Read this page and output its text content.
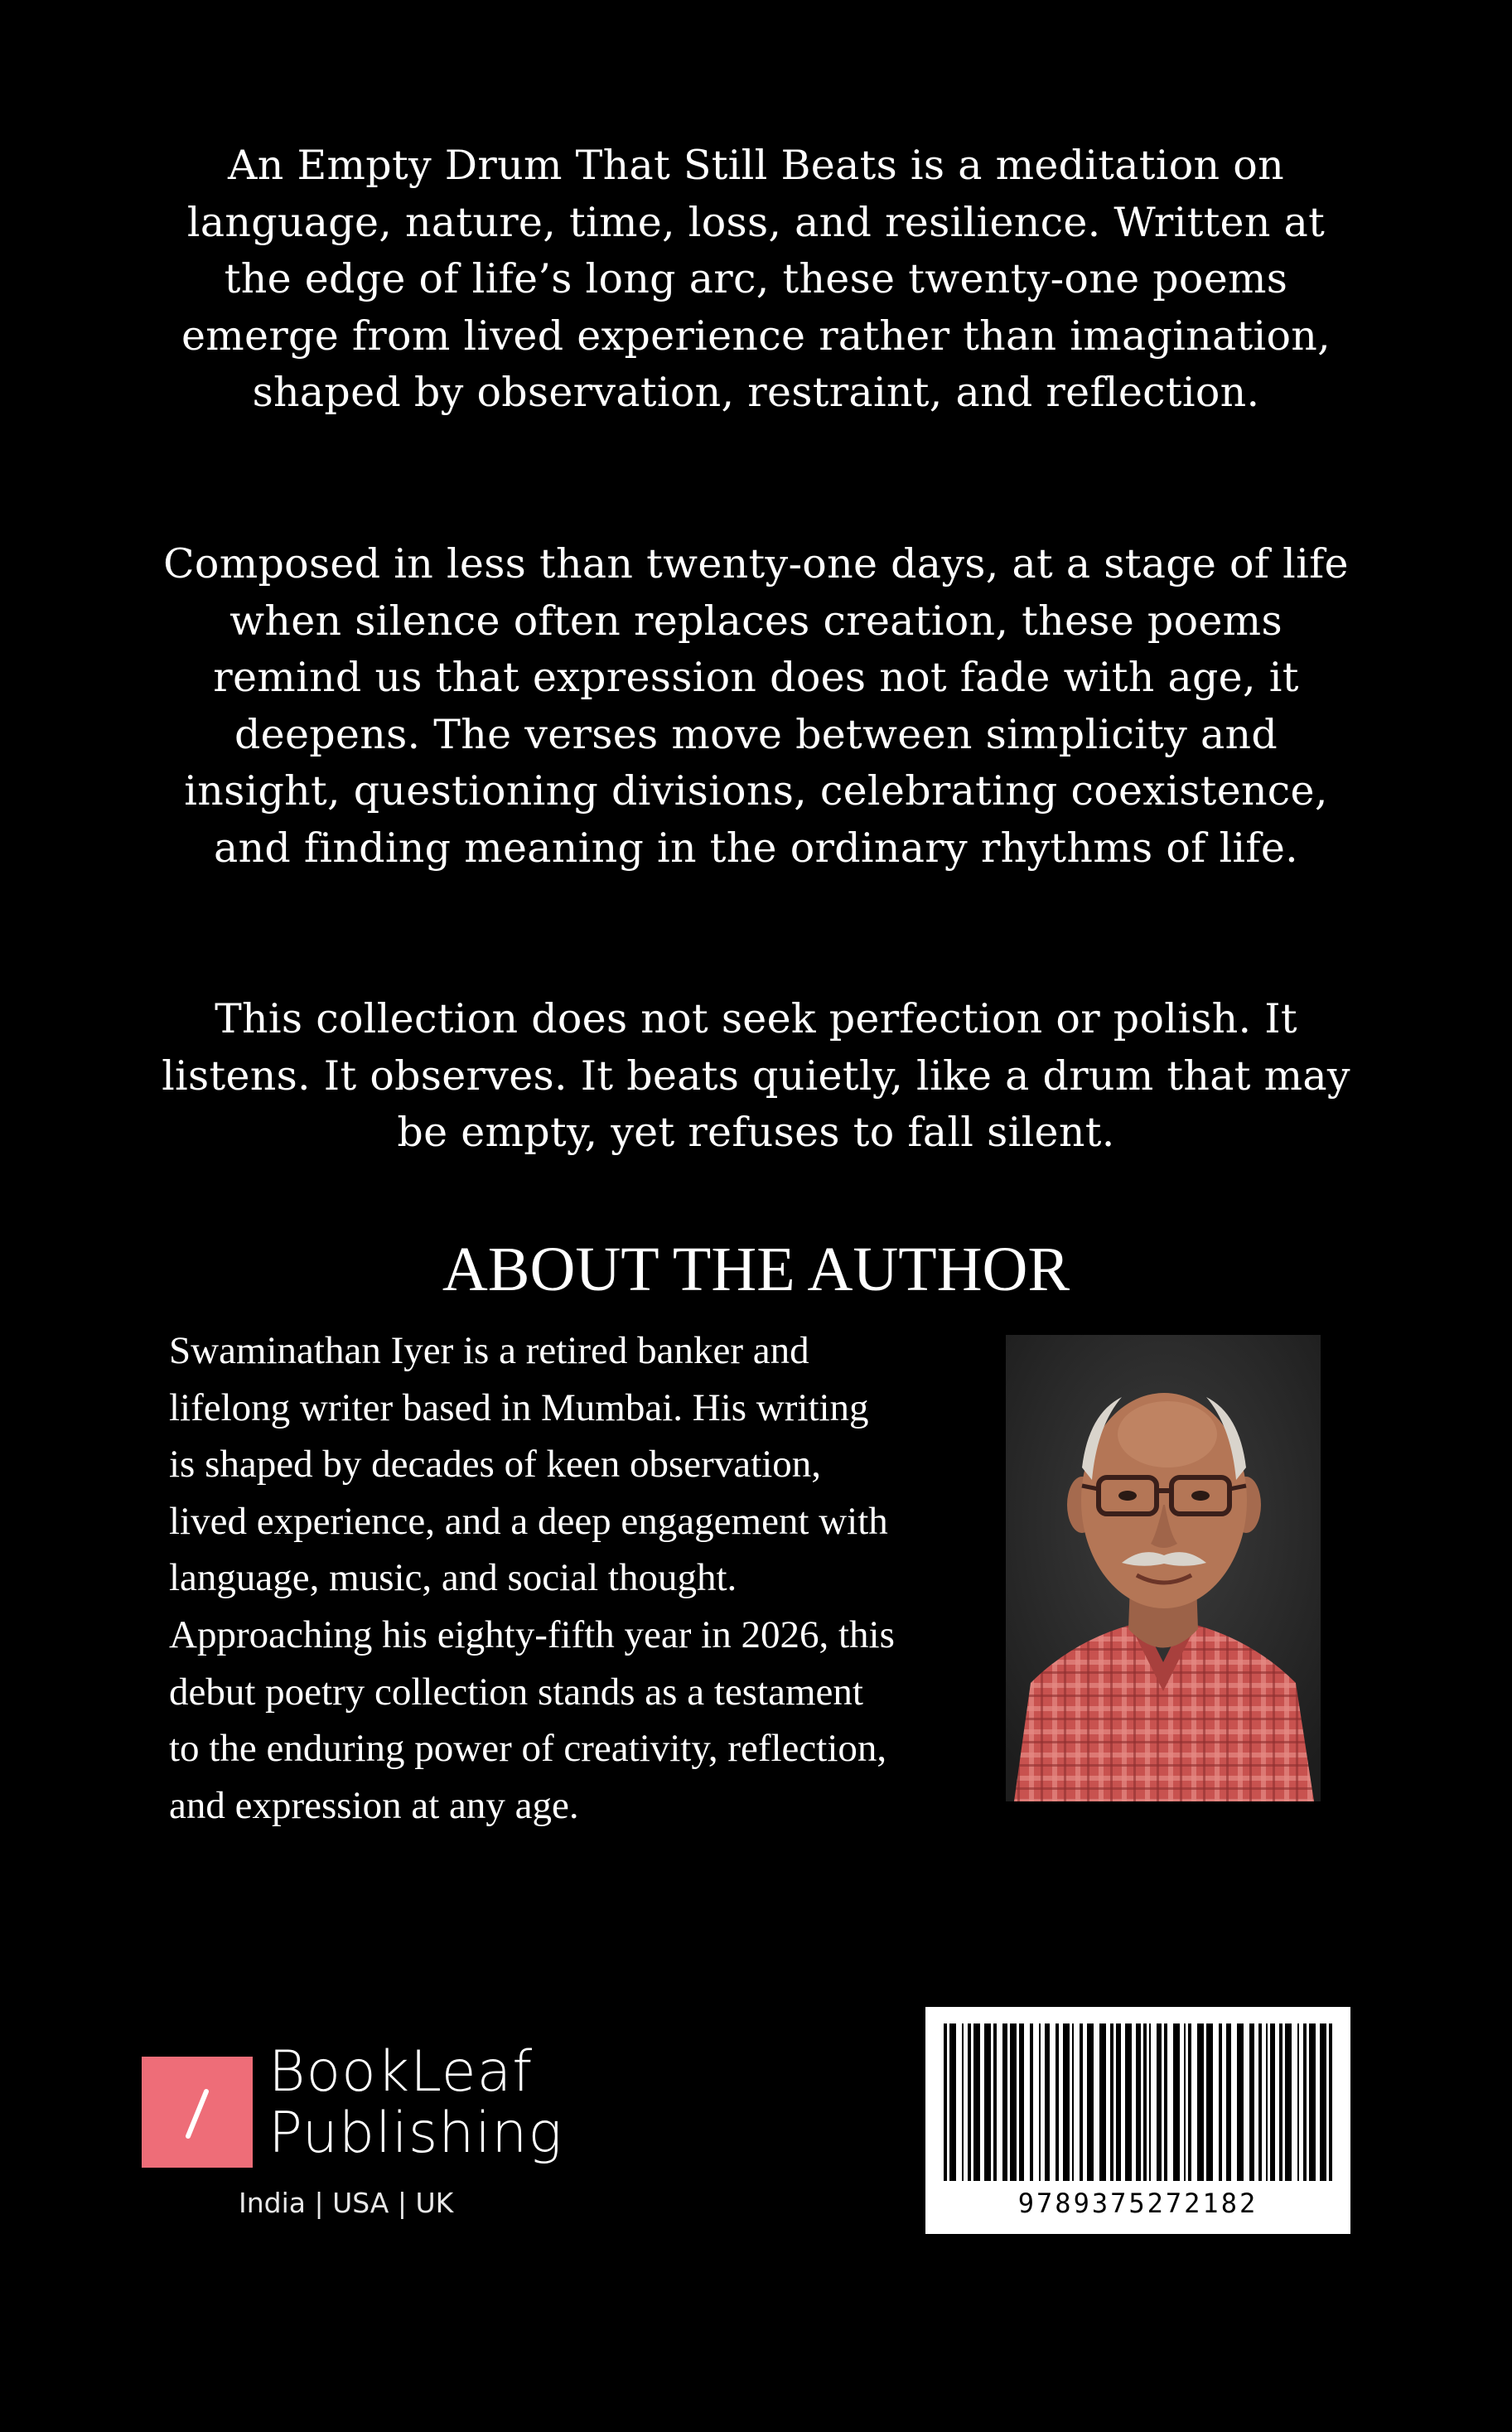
An Empty Drum That Still Beats is a meditation on language, nature, time, loss, and resilience. Written at the edge of life’s long arc, these twenty-one poems emerge from lived experience rather than imagination, shaped by observation, restraint, and reflection.

Composed in less than twenty-one days, at a stage of life when silence often replaces creation, these poems remind us that expression does not fade with age, it deepens. The verses move between simplicity and insight, questioning divisions, celebrating coexistence, and finding meaning in the ordinary rhythms of life.

This collection does not seek perfection or polish. It listens. It observes. It beats quietly, like a drum that may be empty, yet refuses to fall silent.

ABOUT THE AUTHOR

Swaminathan Iyer is a retired banker and
lifelong writer based in Mumbai. His writing
is shaped by decades of keen observation,
lived experience, and a deep engagement with
language, music, and social thought.
Approaching his eighty-fifth year in 2026, this
debut poetry collection stands as a testament
to the enduring power of creativity, reflection,
and expression at any age.

BookLeaf
Publishing
India | USA | UK	9789375272182
